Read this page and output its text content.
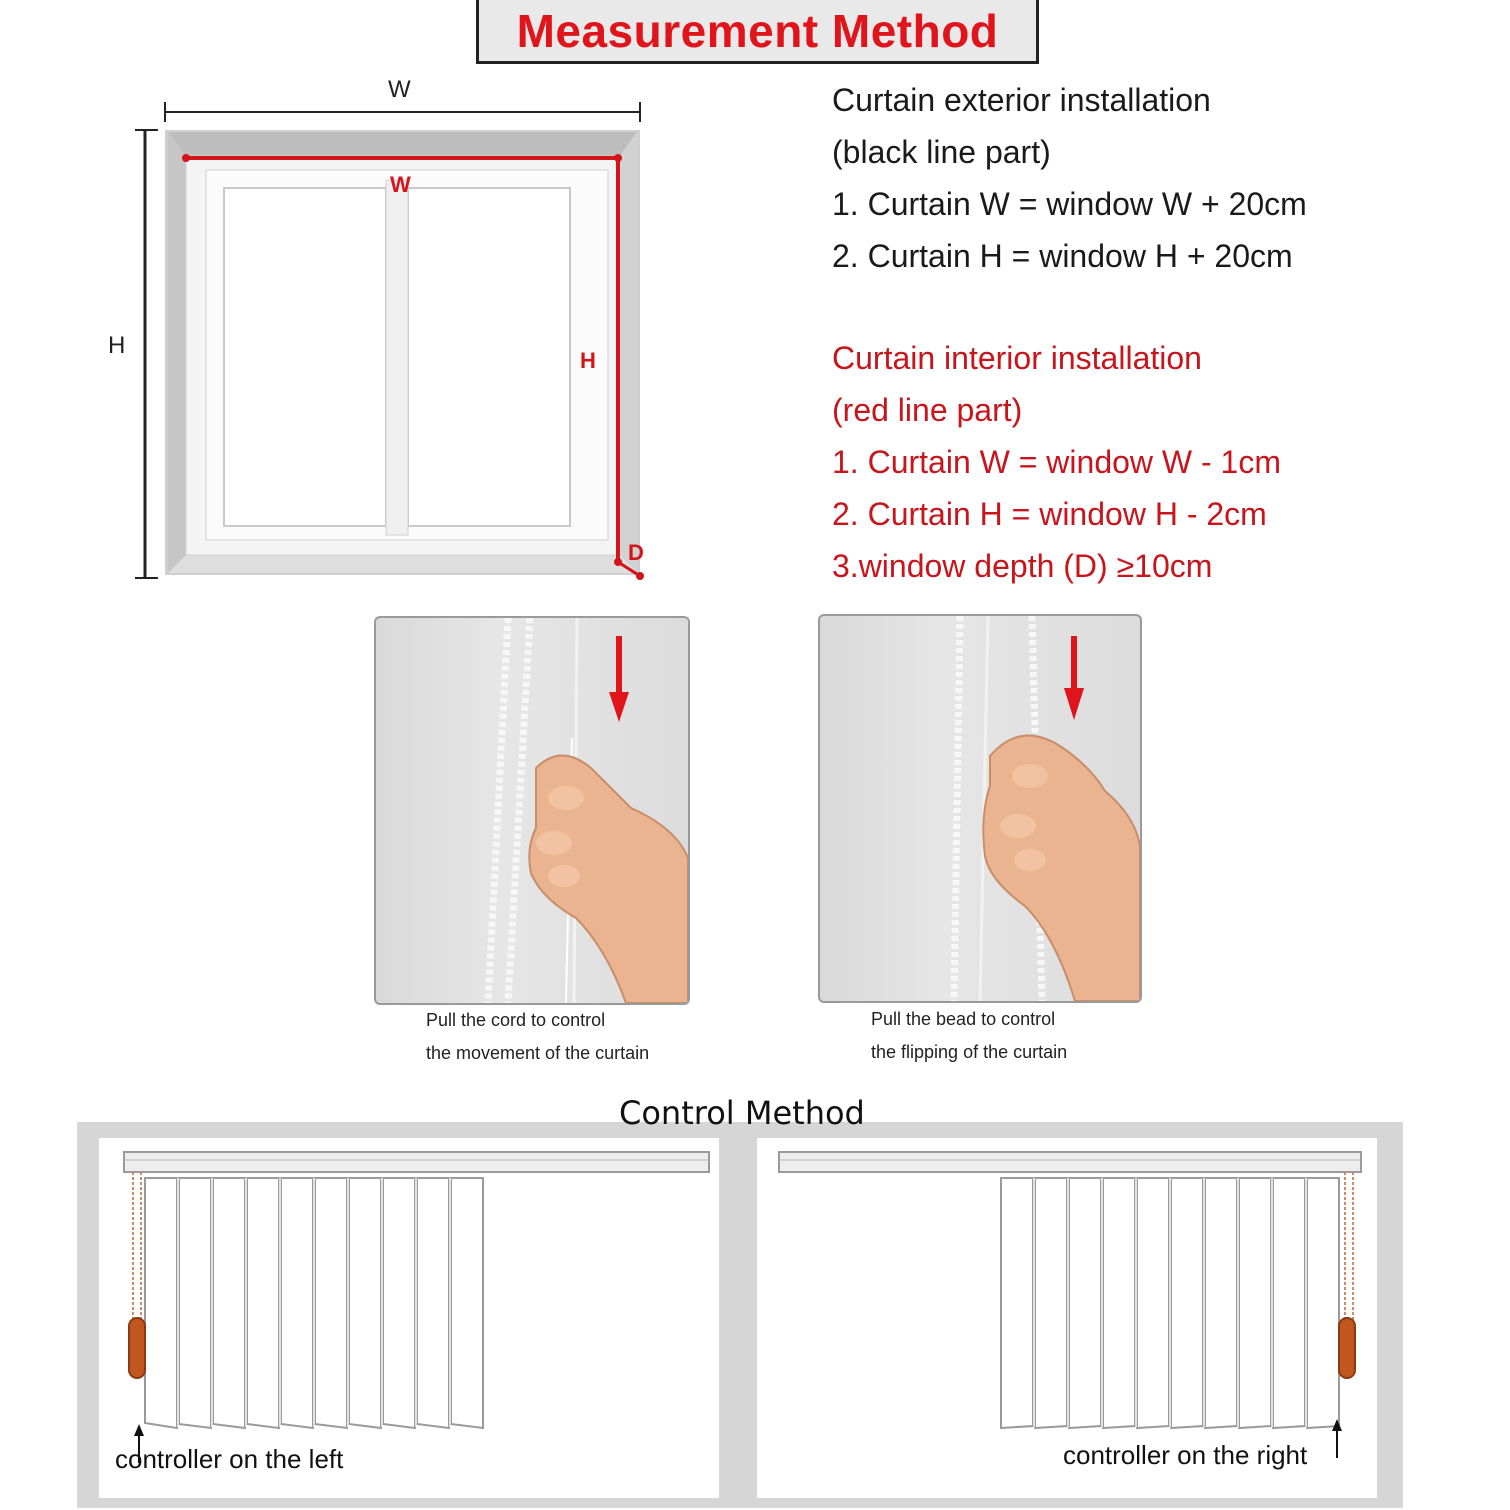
Measurement Method
W
H
W
H
D
Curtain exterior installation
(black line part)
1. Curtain W = window W + 20cm
2. Curtain H = window H + 20cm
Curtain interior installation
(red line part)
1. Curtain W = window W - 1cm
2. Curtain H = window H - 2cm
3.window depth (D) ≥10cm
Pull the cord to control
the movement of the curtain
Pull the bead to control
the flipping of the curtain
Control Method
controller on the left	controller on the right
